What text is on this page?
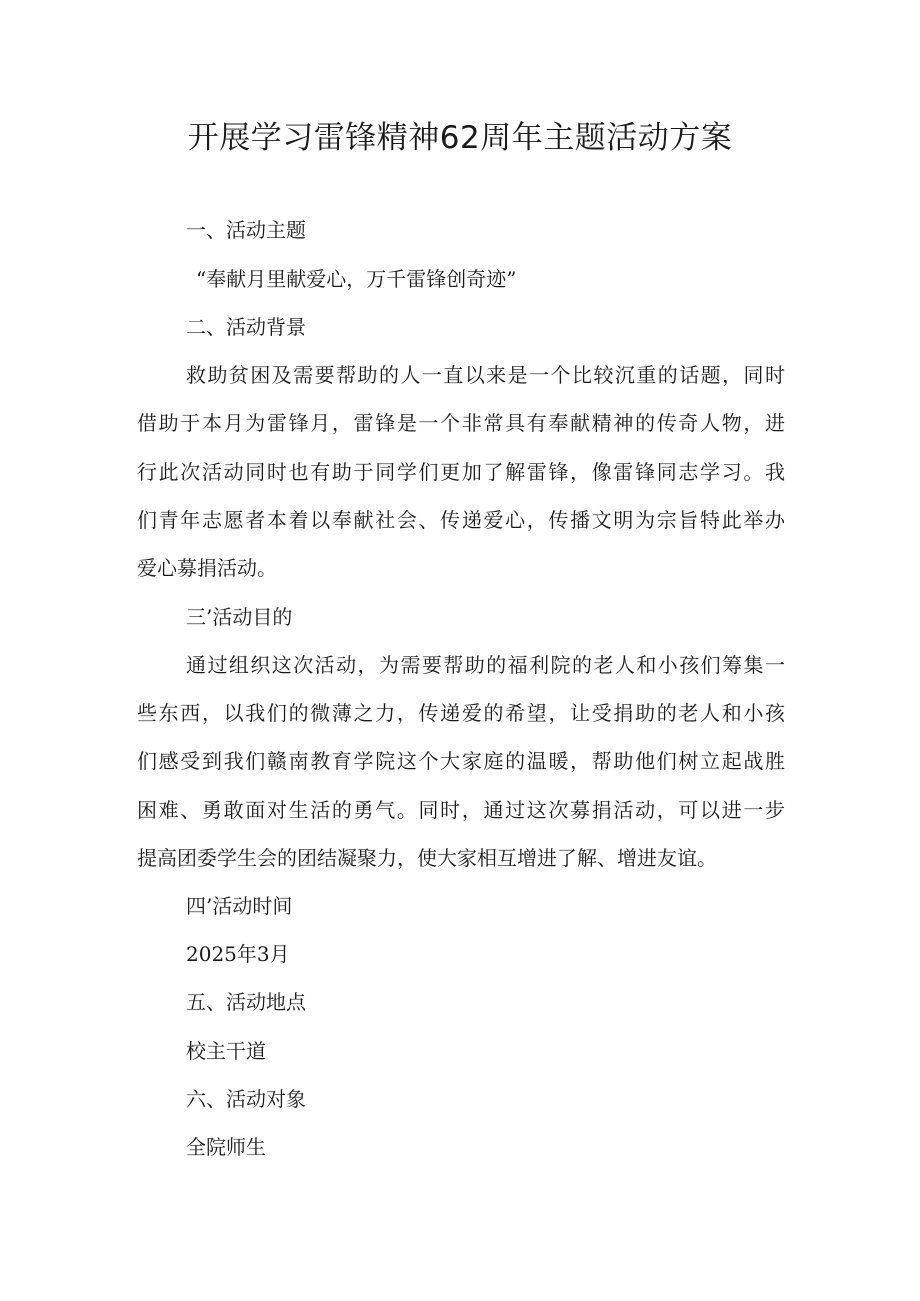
开展学习雷锋精神62周年主题活动方案
一、活动主题
“奉献月里献爱心，万千雷锋创奇迹”
二、活动背景
救助贫困及需要帮助的人一直以来是一个比较沉重的话题，同时
借助于本月为雷锋月，雷锋是一个非常具有奉献精神的传奇人物，进
行此次活动同时也有助于同学们更加了解雷锋，像雷锋同志学习。我
们青年志愿者本着以奉献社会、传递爱心，传播文明为宗旨特此举办
爱心募捐活动。
三’活动目的
通过组织这次活动，为需要帮助的福利院的老人和小孩们筹集一
些东西，以我们的微薄之力，传递爱的希望，让受捐助的老人和小孩
们感受到我们赣南教育学院这个大家庭的温暖，帮助他们树立起战胜
困难、勇敢面对生活的勇气。同时，通过这次募捐活动，可以进一步
提高团委学生会的团结凝聚力，使大家相互增进了解、增进友谊。
四’活动时间
2025年3月
五、活动地点
校主干道
六、活动对象
全院师生
